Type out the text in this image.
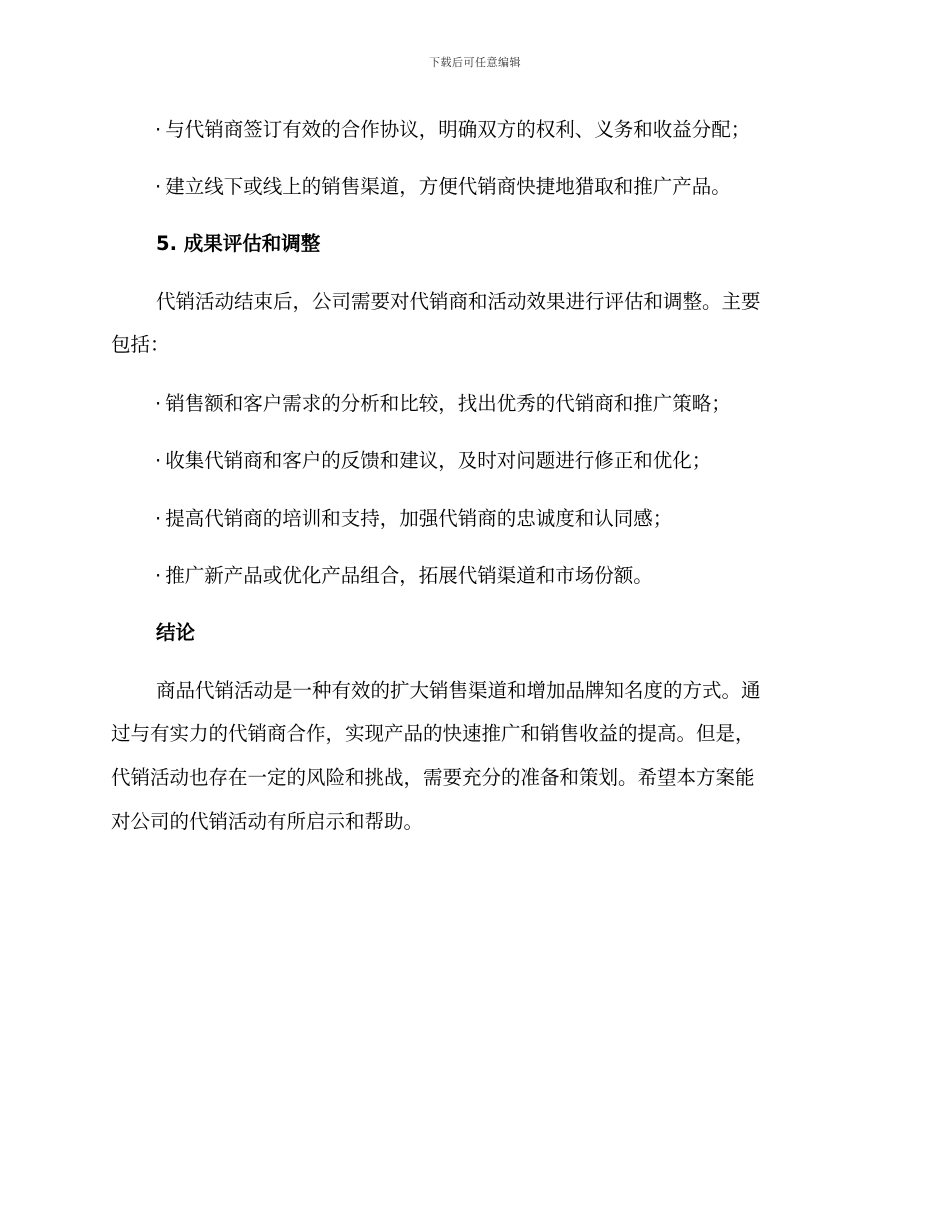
下载后可任意编辑
· 与代销商签订有效的合作协议，明确双方的权利、义务和收益分配；
· 建立线下或线上的销售渠道，方便代销商快捷地猎取和推广产品。
5. 成果评估和调整
代销活动结束后，公司需要对代销商和活动效果进行评估和调整。主要
包括：
· 销售额和客户需求的分析和比较，找出优秀的代销商和推广策略；
· 收集代销商和客户的反馈和建议，及时对问题进行修正和优化；
· 提高代销商的培训和支持，加强代销商的忠诚度和认同感；
· 推广新产品或优化产品组合，拓展代销渠道和市场份额。
结论
商品代销活动是一种有效的扩大销售渠道和增加品牌知名度的方式。通
过与有实力的代销商合作，实现产品的快速推广和销售收益的提高。但是，
代销活动也存在一定的风险和挑战，需要充分的准备和策划。希望本方案能
对公司的代销活动有所启示和帮助。
